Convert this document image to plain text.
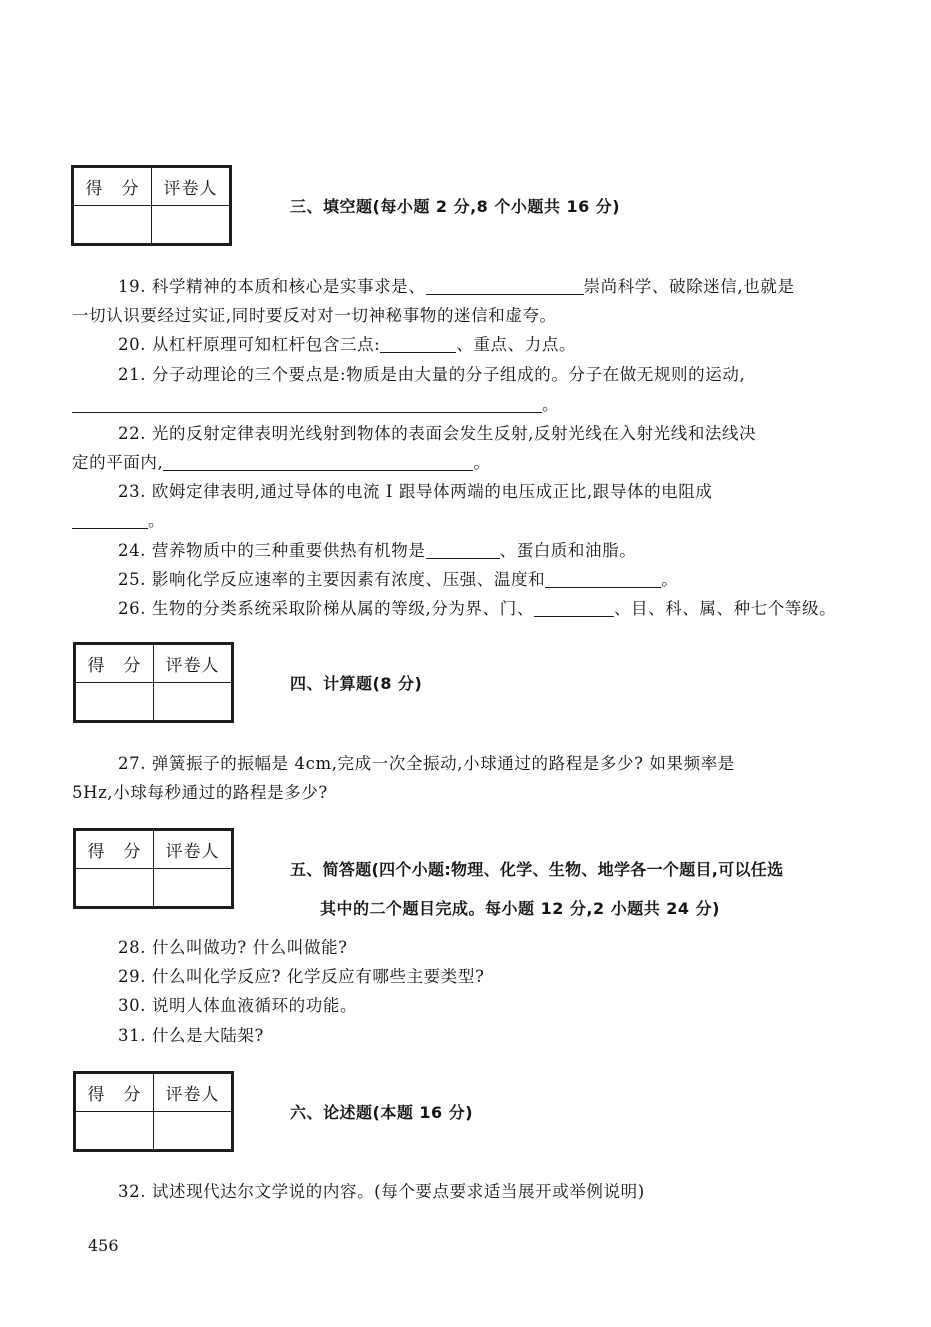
得　分	评卷人

三、填空题(每小题 2 分,8 个小题共 16 分)
19. 科学精神的本质和核心是实事求是、	崇尚科学、破除迷信,也就是
一切认识要经过实证,同时要反对对一切神秘事物的迷信和虚夸。
20. 从杠杆原理可知杠杆包含三点:	、重点、力点。
21. 分子动理论的三个要点是:物质是由大量的分子组成的。分子在做无规则的运动,
。
22. 光的反射定律表明光线射到物体的表面会发生反射,反射光线在入射光线和法线决
定的平面内,	。
23. 欧姆定律表明,通过导体的电流 I 跟导体两端的电压成正比,跟导体的电阻成
。
24. 营养物质中的三种重要供热有机物是	、蛋白质和油脂。
25. 影响化学反应速率的主要因素有浓度、压强、温度和	。
26. 生物的分类系统采取阶梯从属的等级,分为界、门、	、目、科、属、种七个等级。
得　分	评卷人

四、计算题(8 分)
27. 弹簧振子的振幅是 4cm,完成一次全振动,小球通过的路程是多少? 如果频率是
5Hz,小球每秒通过的路程是多少?
得　分	评卷人

五、简答题(四个小题:物理、化学、生物、地学各一个题目,可以任选
其中的二个题目完成。每小题 12 分,2 小题共 24 分)
28. 什么叫做功? 什么叫做能?
29. 什么叫化学反应? 化学反应有哪些主要类型?
30. 说明人体血液循环的功能。
31. 什么是大陆架?
得　分	评卷人

六、论述题(本题 16 分)
32. 试述现代达尔文学说的内容。(每个要点要求适当展开或举例说明)
456
